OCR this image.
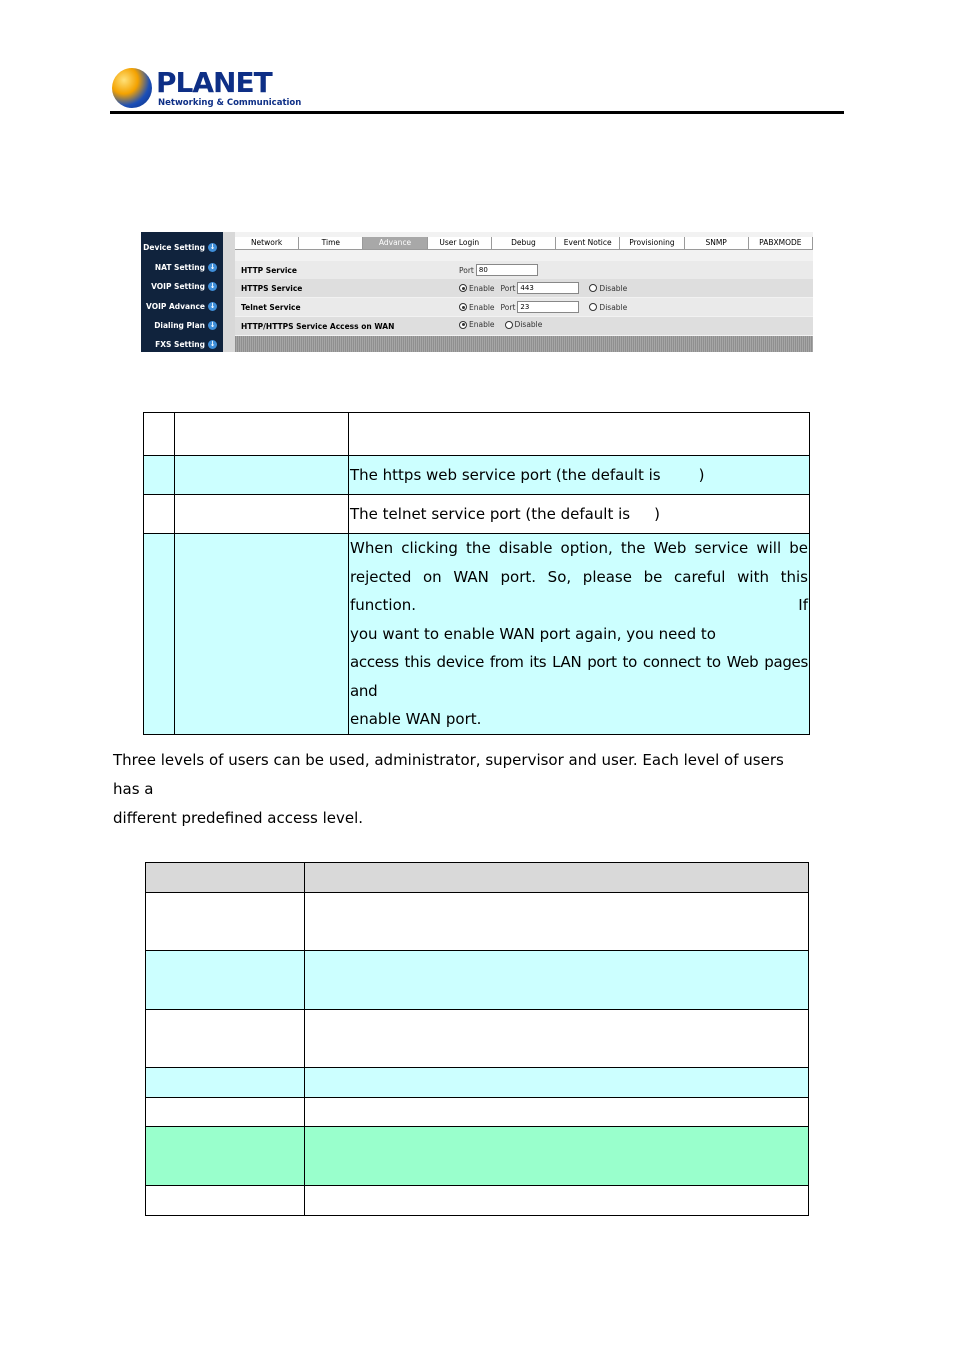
PLANET
Networking & Communication
Device Setting ↓
NAT Setting ↓
VOIP Setting ↓
VOIP Advance ↓
Dialing Plan ↓
FXS Setting ↓
Network	Time	Advance	User Login	Debug	Event Notice	Provisioning	SNMP	PABXMODE
HTTP Service	Port 80
HTTPS Service	Enable Port 443	Disable
Telnet Service	Enable Port 23	Disable
HTTP/HTTPS Service Access on WAN	Enable	Disable

		The https web service port (the default is )
		The telnet service port (the default is )

		When clicking the disable option, the Web service will be
rejected on WAN port. So, please be careful with this function. If
you want to enable WAN port again, you need to
access this device from its LAN port to connect to Web pages and
enable WAN port.
Three levels of users can be used, administrator, supervisor and user. Each level of users has a
different predefined access level.
